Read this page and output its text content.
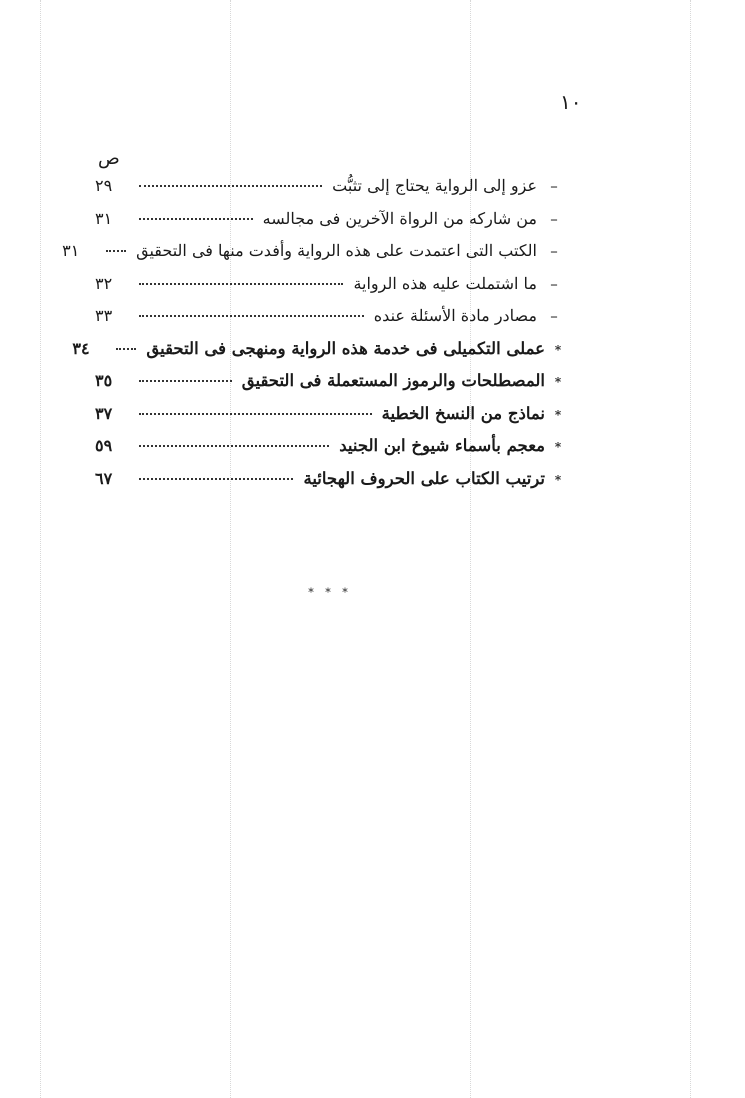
١٠
ص
–
عزو إلى الرواية يحتاج إلى تثبُّت
٢٩
–
من شاركه من الرواة الآخرين فى مجالسه
٣١
–
الكتب التى اعتمدت على هذه الرواية وأفدت منها فى التحقيق
٣١
–
ما اشتملت عليه هذه الرواية
٣٢
–
مصادر مادة الأسئلة عنده
٣٣
*
عملى التكميلى فى خدمة هذه الرواية ومنهجى فى التحقيق
٣٤
*
المصطلحات والرموز المستعملة فى التحقيق
٣٥
*
نماذج من النسخ الخطية
٣٧
*
معجم بأسماء شيوخ ابن الجنيد
٥٩
*
ترتيب الكتاب على الحروف الهجائية
٦٧
* * *
